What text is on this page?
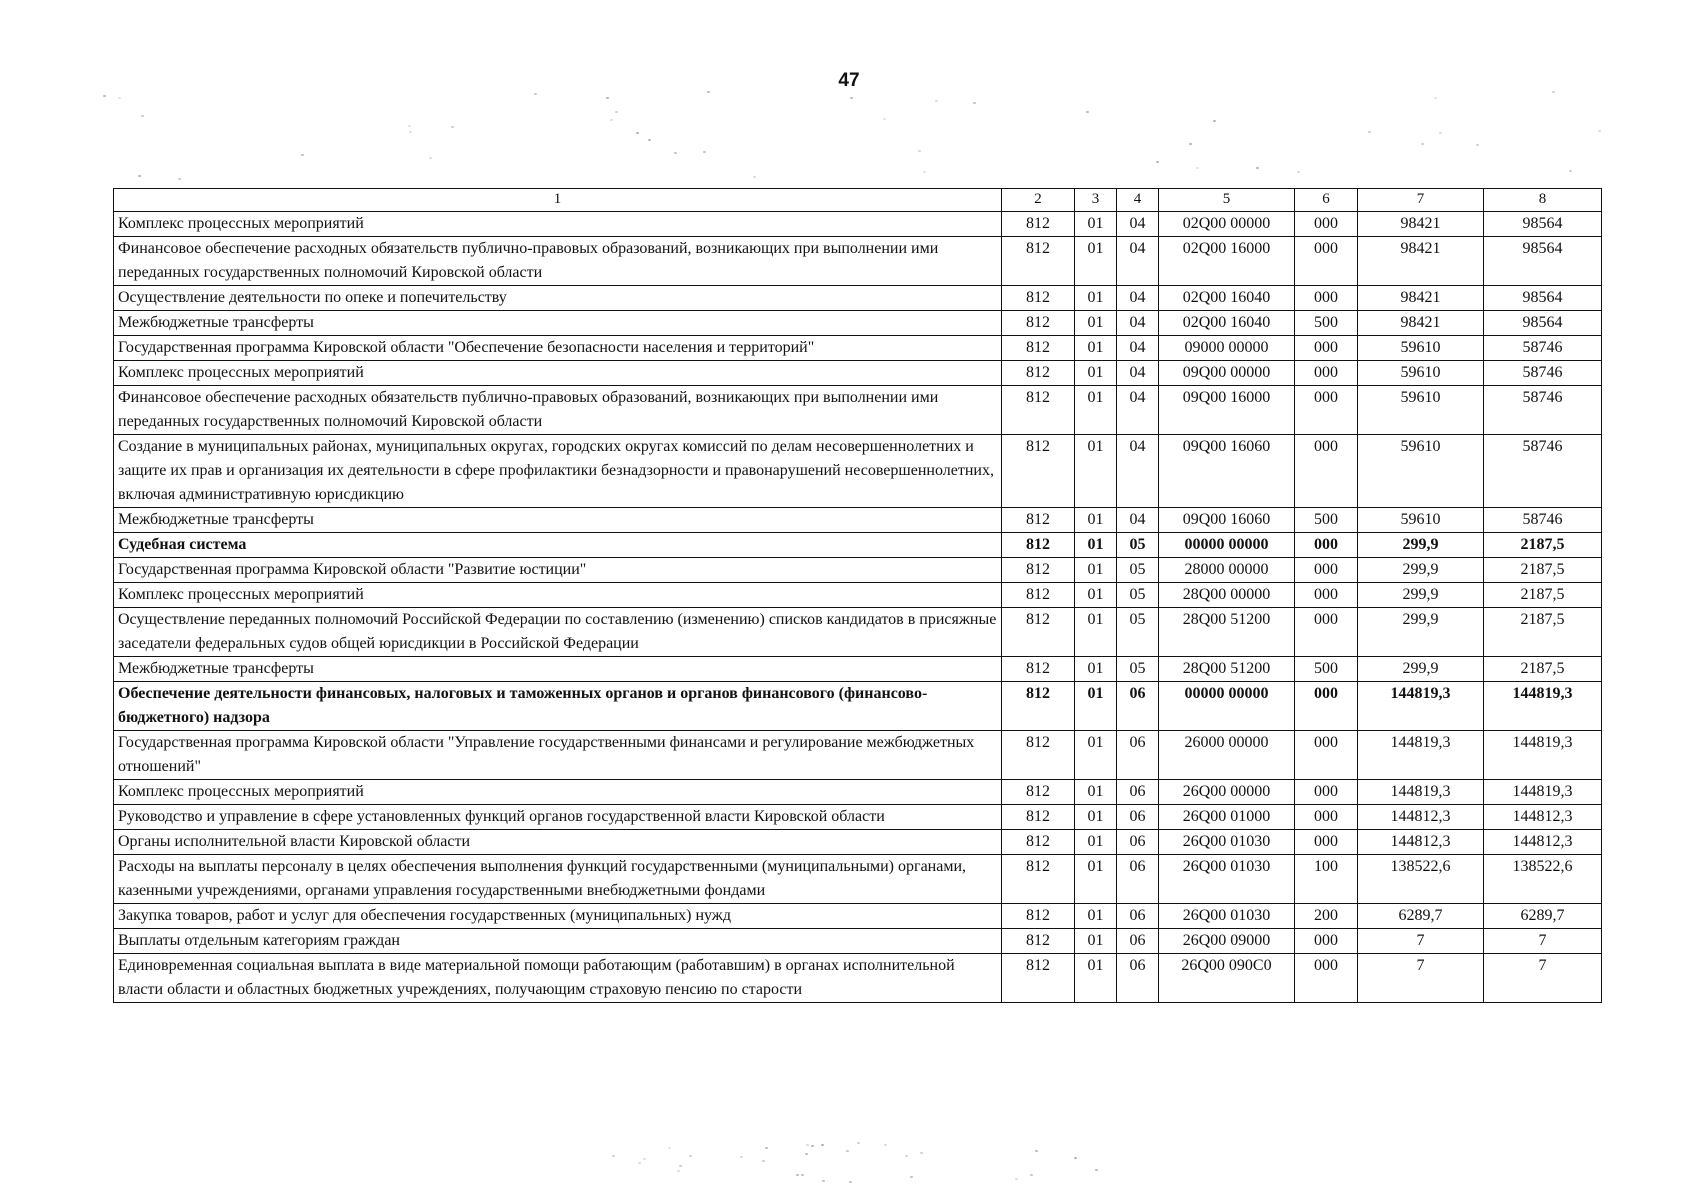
47
1	2	3	4	5	6	7	8
Комплекс процессных мероприятий	812	01	04	02Q00 00000	000	98421	98564
Финансовое обеспечение расходных обязательств публично-правовых образований, возникающих при выполнении ими переданных государственных полномочий Кировской области	812	01	04	02Q00 16000	000	98421	98564
Осуществление деятельности по опеке и попечительству	812	01	04	02Q00 16040	000	98421	98564
Межбюджетные трансферты	812	01	04	02Q00 16040	500	98421	98564
Государственная программа Кировской области "Обеспечение безопасности населения и территорий"	812	01	04	09000 00000	000	59610	58746
Комплекс процессных мероприятий	812	01	04	09Q00 00000	000	59610	58746
Финансовое обеспечение расходных обязательств публично-правовых образований, возникающих при выполнении ими переданных государственных полномочий Кировской области	812	01	04	09Q00 16000	000	59610	58746
Создание в муниципальных районах, муниципальных округах, городских округах комиссий по делам несовершеннолетних и защите их прав и организация их деятельности в сфере профилактики безнадзорности и правонарушений несовершеннолетних, включая административную юрисдикцию	812	01	04	09Q00 16060	000	59610	58746
Межбюджетные трансферты	812	01	04	09Q00 16060	500	59610	58746
Судебная система	812	01	05	00000 00000	000	299,9	2187,5
Государственная программа Кировской области "Развитие юстиции"	812	01	05	28000 00000	000	299,9	2187,5
Комплекс процессных мероприятий	812	01	05	28Q00 00000	000	299,9	2187,5
Осуществление переданных полномочий Российской Федерации по составлению (изменению) списков кандидатов в присяжные заседатели федеральных судов общей юрисдикции в Российской Федерации	812	01	05	28Q00 51200	000	299,9	2187,5
Межбюджетные трансферты	812	01	05	28Q00 51200	500	299,9	2187,5
Обеспечение деятельности финансовых, налоговых и таможенных органов и органов финансового (финансово-бюджетного) надзора	812	01	06	00000 00000	000	144819,3	144819,3
Государственная программа Кировской области "Управление государственными финансами и регулирование межбюджетных отношений"	812	01	06	26000 00000	000	144819,3	144819,3
Комплекс процессных мероприятий	812	01	06	26Q00 00000	000	144819,3	144819,3
Руководство и управление в сфере установленных функций органов государственной власти Кировской области	812	01	06	26Q00 01000	000	144812,3	144812,3
Органы исполнительной власти Кировской области	812	01	06	26Q00 01030	000	144812,3	144812,3
Расходы на выплаты персоналу в целях обеспечения выполнения функций государственными (муниципальными) органами, казенными учреждениями, органами управления государственными внебюджетными фондами	812	01	06	26Q00 01030	100	138522,6	138522,6
Закупка товаров, работ и услуг для обеспечения государственных (муниципальных) нужд	812	01	06	26Q00 01030	200	6289,7	6289,7
Выплаты отдельным категориям граждан	812	01	06	26Q00 09000	000	7	7
Единовременная социальная выплата в виде материальной помощи работающим (работавшим) в органах исполнительной власти области и областных бюджетных учреждениях, получающим страховую пенсию по старости	812	01	06	26Q00 090C0	000	7	7
